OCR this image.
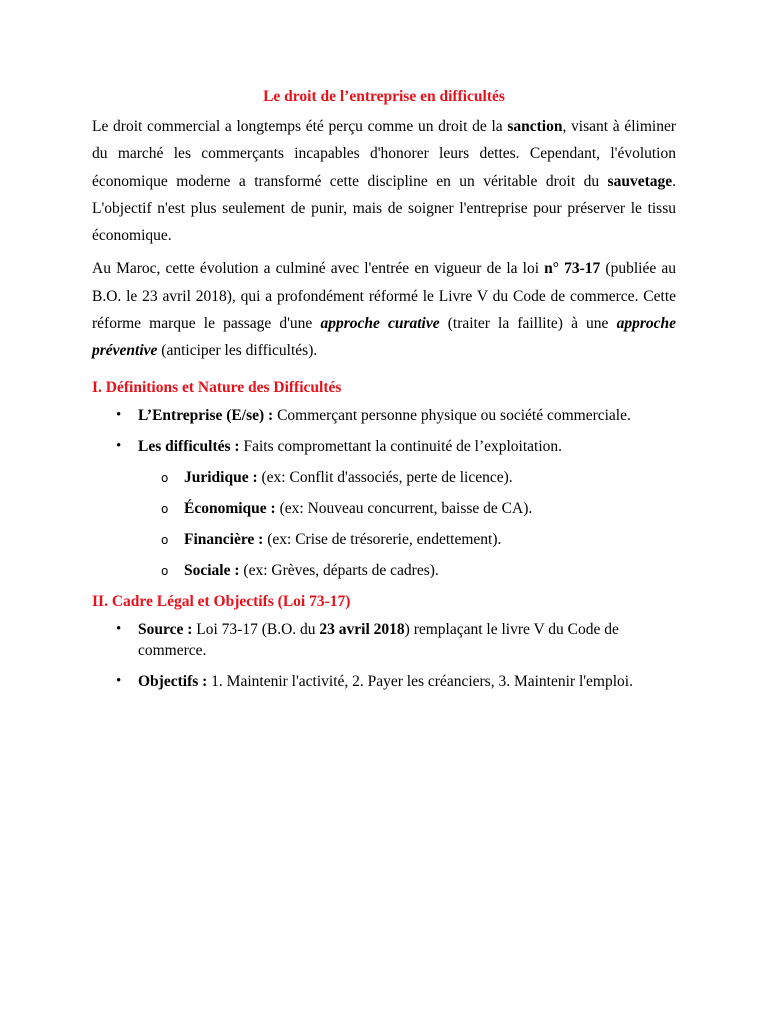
Le droit de l’entreprise en difficultés

Le droit commercial a longtemps été perçu comme un droit de la sanction, visant à éliminer du marché les commerçants incapables d'honorer leurs dettes. Cependant, l'évolution économique moderne a transformé cette discipline en un véritable droit du sauvetage. L'objectif n'est plus seulement de punir, mais de soigner l'entreprise pour préserver le tissu économique.

Au Maroc, cette évolution a culminé avec l'entrée en vigueur de la loi n° 73-17 (publiée au B.O. le 23 avril 2018), qui a profondément réformé le Livre V du Code de commerce. Cette réforme marque le passage d'une approche curative (traiter la faillite) à une approche préventive (anticiper les difficultés).

I. Définitions et Nature des Difficultés
• L’Entreprise (E/se) : Commerçant personne physique ou société commerciale.
• Les difficultés : Faits compromettant la continuité de l’exploitation.
o Juridique : (ex: Conflit d'associés, perte de licence).
o Économique : (ex: Nouveau concurrent, baisse de CA).
o Financière : (ex: Crise de trésorerie, endettement).
o Sociale : (ex: Grèves, départs de cadres).
II. Cadre Légal et Objectifs (Loi 73-17)
• Source : Loi 73-17 (B.O. du 23 avril 2018) remplaçant le livre V du Code de commerce.
• Objectifs : 1. Maintenir l'activité, 2. Payer les créanciers, 3. Maintenir l'emploi.
